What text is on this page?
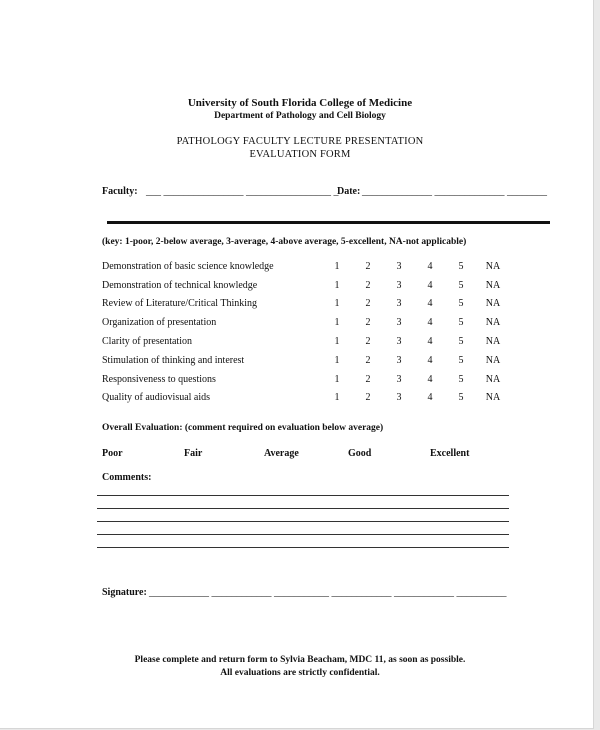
University of South Florida College of Medicine
Department of Pathology and Cell Biology
PATHOLOGY FACULTY LECTURE PRESENTATION
EVALUATION FORM
Faculty: ___ ________________ _________________ _
Date: ______________ ______________ ________
(key: 1-poor, 2-below average, 3-average, 4-above average, 5-excellent, NA-not applicable)
Demonstration of basic science knowledge	1	2	3	4	5	NA
Demonstration of technical knowledge	1	2	3	4	5	NA
Review of Literature/Critical Thinking	1	2	3	4	5	NA
Organization of presentation	1	2	3	4	5	NA
Clarity of presentation	1	2	3	4	5	NA
Stimulation of thinking and interest	1	2	3	4	5	NA
Responsiveness to questions	1	2	3	4	5	NA
Quality of audiovisual aids	1	2	3	4	5	NA
Overall Evaluation: (comment required on evaluation below average)
Poor	Fair	Average	Good	Excellent
Comments:
Signature: ____________ ____________ ___________ ____________ ____________ __________
Please complete and return form to Sylvia Beacham, MDC 11, as soon as possible.
All evaluations are strictly confidential.
